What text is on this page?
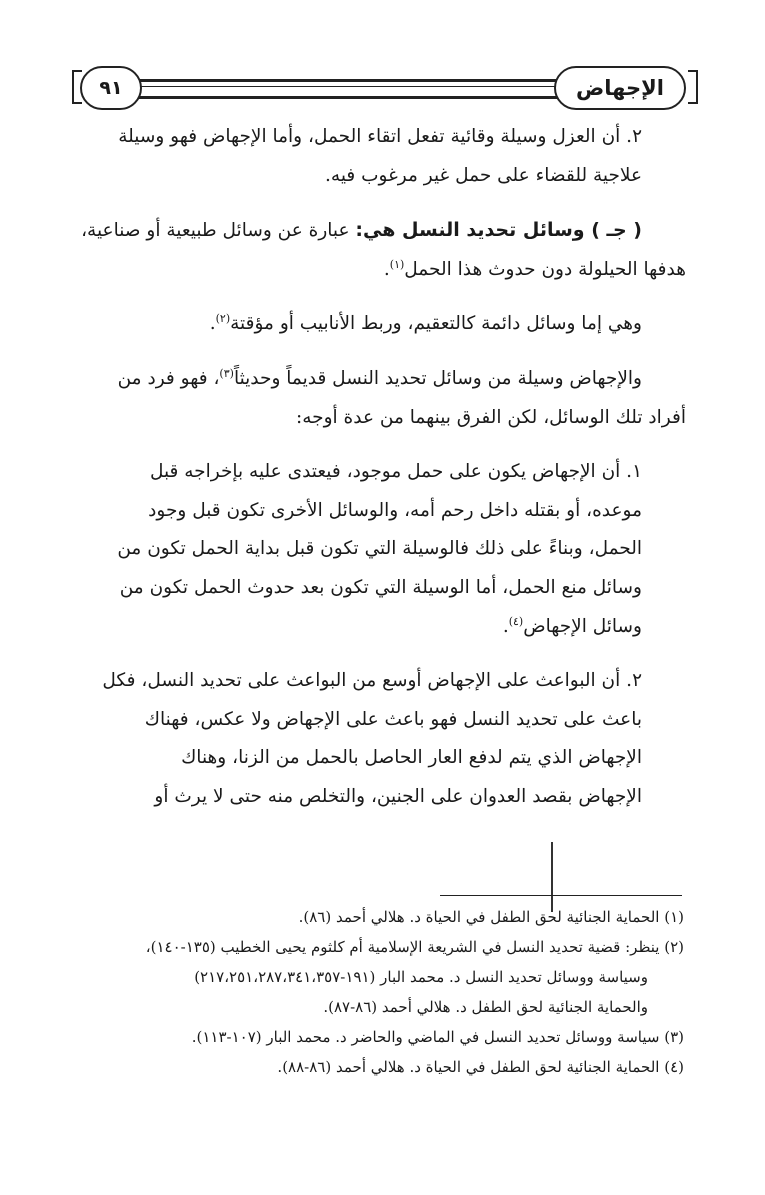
٩١	الإجهاض

٢. أن العزل وسيلة وقائية تفعل اتقاء الحمل، وأما الإجهاض فهو وسيلة

علاجية للقضاء على حمل غير مرغوب فيه.

( جـ ) وسائل تحديد النسل هي: عبارة عن وسائل طبيعية أو صناعية،

هدفها الحيلولة دون حدوث هذا الحمل$^{(١)}$.

وهي إما وسائل دائمة كالتعقيم، وربط الأنابيب أو مؤقتة$^{(٢)}$.

والإجهاض وسيلة من وسائل تحديد النسل قديماً وحديثاً$^{(٣)}$، فهو فرد من

أفراد تلك الوسائل، لكن الفرق بينهما من عدة أوجه:

١. أن الإجهاض يكون على حمل موجود، فيعتدى عليه بإخراجه قبل

موعده، أو بقتله داخل رحم أمه، والوسائل الأخرى تكون قبل وجود

الحمل، وبناءً على ذلك فالوسيلة التي تكون قبل بداية الحمل تكون من

وسائل منع الحمل، أما الوسيلة التي تكون بعد حدوث الحمل تكون من

وسائل الإجهاض$^{(٤)}$.

٢. أن البواعث على الإجهاض أوسع من البواعث على تحديد النسل، فكل

باعث على تحديد النسل فهو باعث على الإجهاض ولا عكس، فهناك

الإجهاض الذي يتم لدفع العار الحاصل بالحمل من الزنا، وهناك

الإجهاض بقصد العدوان على الجنين، والتخلص منه حتى لا يرث أو

(١) الحماية الجنائية لحق الطفل في الحياة د. هلالي أحمد (٨٦).

(٢) ينظر: قضية تحديد النسل في الشريعة الإسلامية أم كلثوم يحيى الخطيب (١٣٥-١٤٠)،

وسياسة ووسائل تحديد النسل د. محمد البار (١٩١-٢١٧،٢٥١،٢٨٧،٣٤١،٣٥٧)

والحماية الجنائية لحق الطفل د. هلالي أحمد (٨٦-٨٧).

(٣) سياسة ووسائل تحديد النسل في الماضي والحاضر د. محمد البار (١٠٧-١١٣).

(٤) الحماية الجنائية لحق الطفل في الحياة د. هلالي أحمد (٨٦-٨٨).
